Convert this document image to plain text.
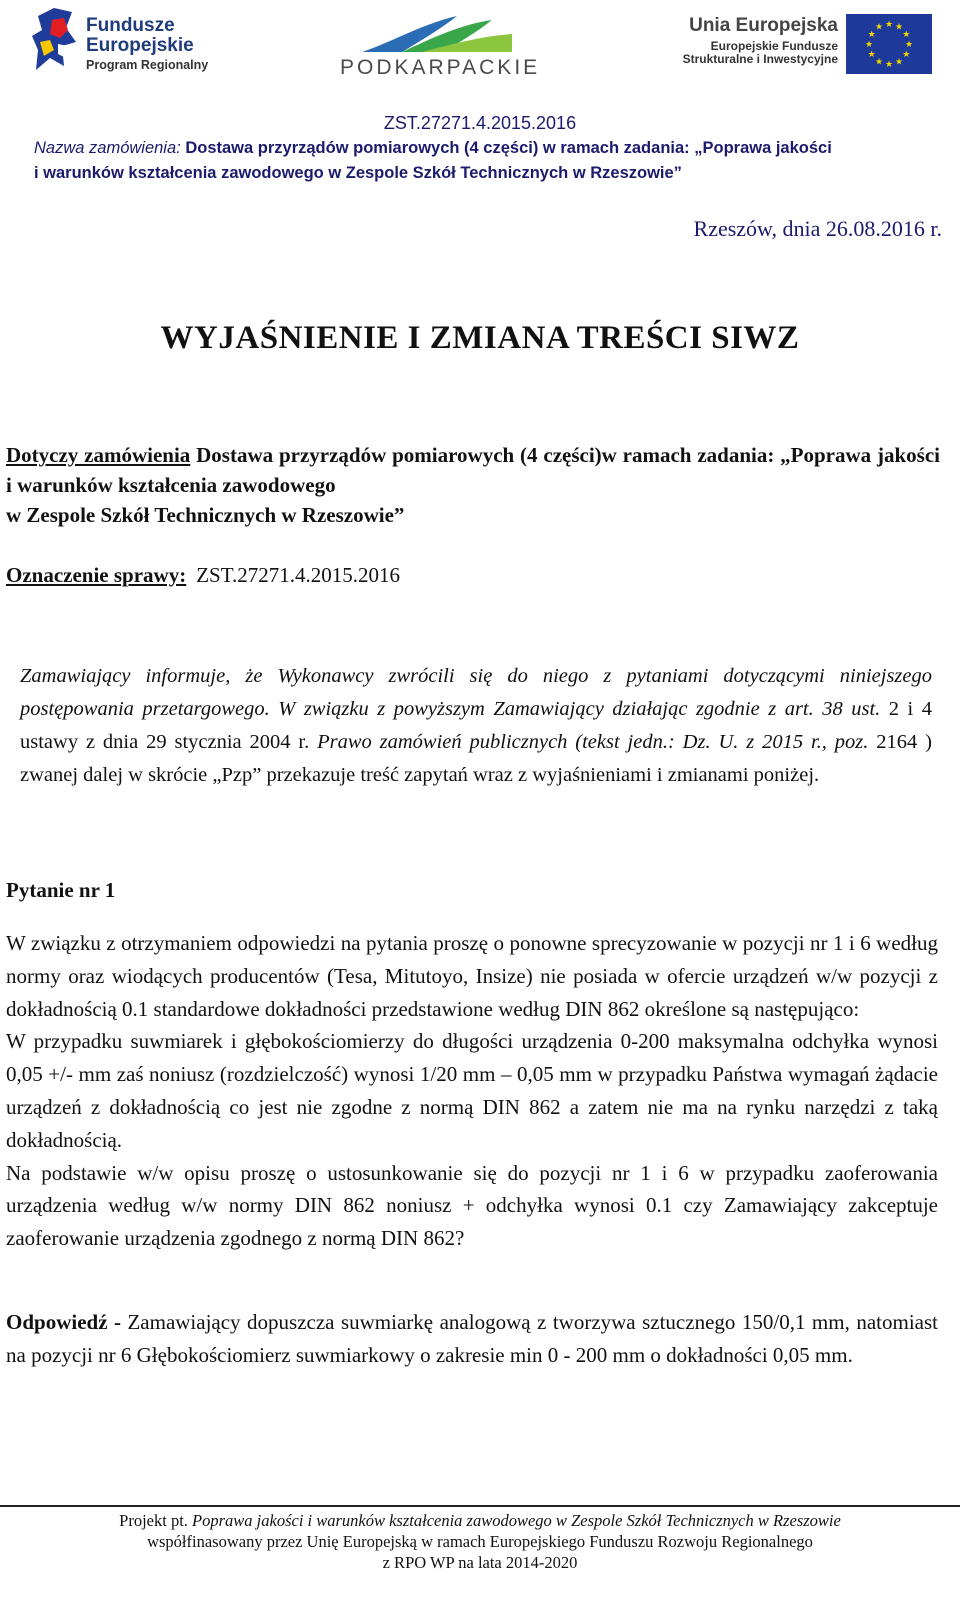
Fundusze
Europejskie
Program Regionalny	PODKARPACKIE
Unia Europejska
Europejskie Fundusze
Strukturalne i Inwestycyjne
★
★
★
★
★
★
★
★
★ ★ ★
★
ZST.27271.4.2015.2016
Nazwa zamówienia: Dostawa przyrządów pomiarowych (4 części) w ramach zadania: „Poprawa jakości
i warunków kształcenia zawodowego w Zespole Szkół Technicznych w Rzeszowie”
Rzeszów, dnia 26.08.2016 r.
WYJAŚNIENIE I ZMIANA TREŚCI SIWZ
Dotyczy zamówienia Dostawa przyrządów pomiarowych (4 części)w ramach zadania: „Poprawa jakości i warunków kształcenia zawodowego
w Zespole Szkół Technicznych w Rzeszowie”
Oznaczenie sprawy: ZST.27271.4.2015.2016
Zamawiający informuje, że Wykonawcy zwrócili się do niego z pytaniami dotyczącymi niniejszego postępowania przetargowego. W związku z powyższym Zamawiający działając zgodnie z art. 38 ust. 2 i 4 ustawy z dnia 29 stycznia 2004 r. Prawo zamówień publicznych (tekst jedn.: Dz. U. z 2015 r., poz. 2164 ) zwanej dalej w skrócie „Pzp” przekazuje treść zapytań wraz z wyjaśnieniami i zmianami poniżej.
Pytanie nr 1

W związku z otrzymaniem odpowiedzi na pytania proszę o ponowne sprecyzowanie w pozycji nr 1 i 6 według normy oraz wiodących producentów (Tesa, Mitutoyo, Insize) nie posiada w ofercie urządzeń w/w pozycji z dokładnością 0.1 standardowe dokładności przedstawione według DIN 862 określone są następująco:

W przypadku suwmiarek i głębokościomierzy do długości urządzenia 0-200 maksymalna odchyłka wynosi 0,05 +/- mm zaś noniusz (rozdzielczość) wynosi 1/20 mm – 0,05 mm w przypadku Państwa wymagań żądacie urządzeń z dokładnością co jest nie zgodne z normą DIN 862 a zatem nie ma na rynku narzędzi z taką dokładnością.

Na podstawie w/w opisu proszę o ustosunkowanie się do pozycji nr 1 i 6 w przypadku zaoferowania urządzenia według w/w normy DIN 862 noniusz + odchyłka wynosi 0.1 czy Zamawiający zakceptuje zaoferowanie urządzenia zgodnego z normą DIN 862?

Odpowiedź - Zamawiający dopuszcza suwmiarkę analogową z tworzywa sztucznego 150/0,1 mm, natomiast na pozycji nr 6 Głębokościomierz suwmiarkowy o zakresie min 0 - 200 mm o dokładności 0,05 mm.
Projekt pt. Poprawa jakości i warunków kształcenia zawodowego w Zespole Szkół Technicznych w Rzeszowie
współfinasowany przez Unię Europejską w ramach Europejskiego Funduszu Rozwoju Regionalnego
z RPO WP na lata 2014-2020
